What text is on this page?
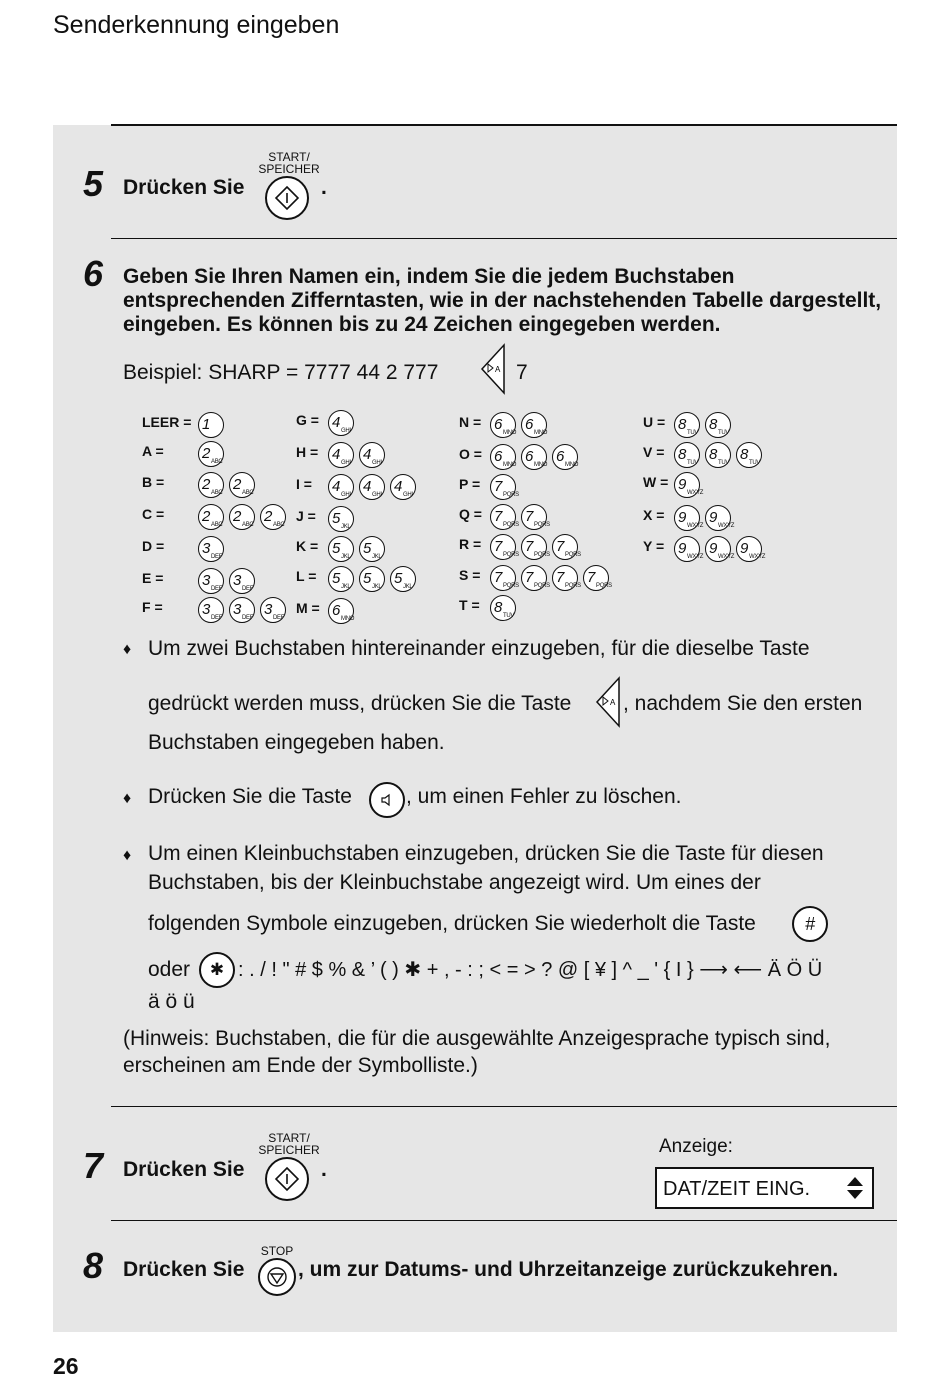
Senderkennung eingeben
5 Drücken Sie
START/
SPEICHER
.
6 Geben Sie Ihren Namen ein, indem Sie die jedem Buchstaben entsprechenden Zifferntasten, wie in der nachstehenden Tabelle dargestellt, eingeben. Es können bis zu 24 Zeichen eingegeben werden.
Beispiel: SHARP = 7777 44 2 777	A 7
LEER = 1
A =	2 ABC
B =	2 ABC 2 ABC
C =	2 ABC 2 ABC 2 ABC
D =	3 DEF
E =	3 DEF 3 DEF
F =	3 DEF 3 DEF 3 DEF
G = 4 GHI
H = 4 GHI 4 GHI
I = 4 GHI 4 GHI 4 GHI
J = 5 JKL
K = 5 JKL 5 JKL
L = 5 JKL 5 JKL 5 JKL
M = 6 MNO
N = 6 MNO 6 MNO
O = 6 MNO 6 MNO 6 MNO
P = 7 PQRS
Q = 7 PQRS 7 PQRS
R = 7 PQRS 7 PQRS 7 PQRS
S = 7 PQRS 7 PQRS 7 PQRS 7 PQRS
T = 8 TUV
U = 8 TUV 8 TUV
V = 8 TUV 8 TUV 8 TUV
W = 9 WXYZ
X = 9 WXYZ 9 WXYZ
Y = 9 WXYZ 9 WXYZ 9 WXYZ
♦ Um zwei Buchstaben hintereinander einzugeben, für die dieselbe Taste
gedrückt werden muss, drücken Sie die Taste	A , nachdem Sie den ersten
Buchstaben eingegeben haben.
♦ Drücken Sie die Taste	, um einen Fehler zu löschen.
♦ Um einen Kleinbuchstaben einzugeben, drücken Sie die Taste für diesen
Buchstaben, bis der Kleinbuchstabe angezeigt wird. Um eines der
folgenden Symbole einzugeben, drücken Sie wiederholt die Taste	#
oder ✱ : . / ! " # $ % & ’ ( ) ✱ + , - : ; < = > ? @ [ ¥ ] ^ _ ' { I } ⟶ ⟵ Ä Ö Ü
ä ö ü
(Hinweis: Buchstaben, die für die ausgewählte Anzeigesprache typisch sind,
erscheinen am Ende der Symbolliste.)
7 Drücken Sie
START/
SPEICHER
.
Anzeige:
DAT/ZEIT EING.
8 Drücken Sie
STOP
, um zur Datums- und Uhrzeitanzeige zurückzukehren.
26
